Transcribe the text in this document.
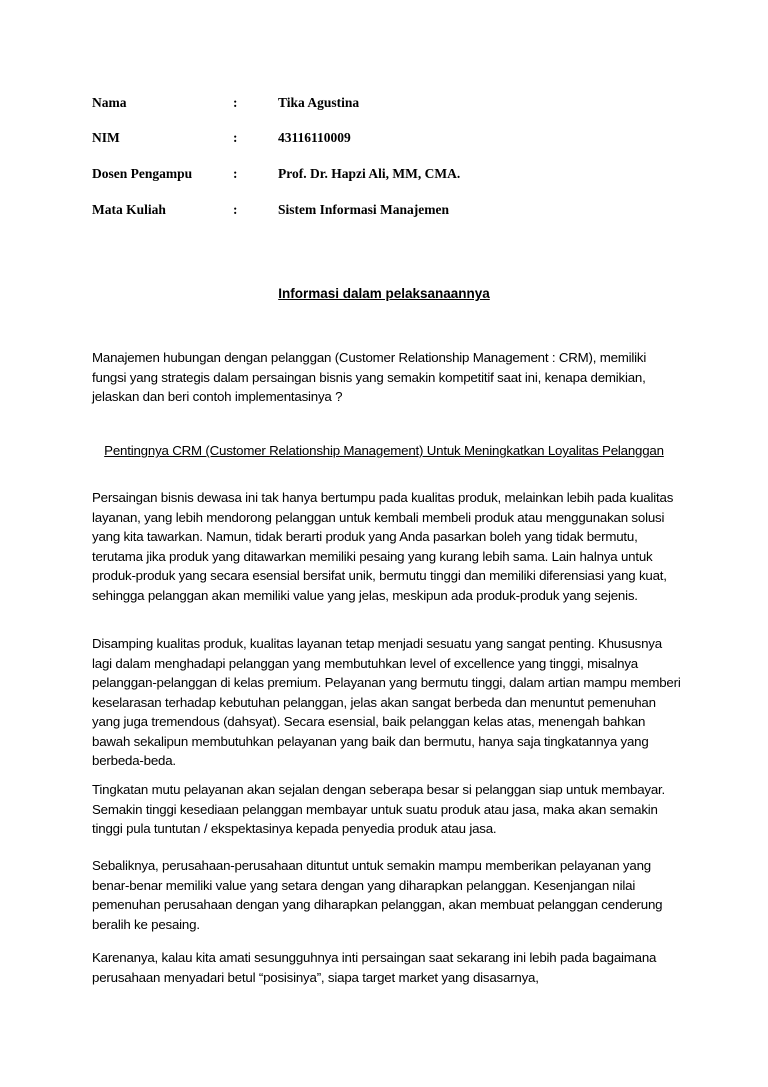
Nama	:	Tika Agustina
NIM	:	43116110009
Dosen Pengampu	:	Prof. Dr. Hapzi Ali, MM, CMA.
Mata Kuliah	:	Sistem Informasi Manajemen
Informasi dalam pelaksanaannya
Manajemen hubungan dengan pelanggan (Customer Relationship Management : CRM), memiliki fungsi yang strategis dalam persaingan bisnis yang semakin kompetitif saat ini, kenapa demikian, jelaskan dan beri contoh implementasinya ?
Pentingnya CRM (Customer Relationship Management) Untuk Meningkatkan Loyalitas Pelanggan
Persaingan bisnis dewasa ini tak hanya bertumpu pada kualitas produk, melainkan lebih pada kualitas layanan, yang lebih mendorong pelanggan untuk kembali membeli produk atau menggunakan solusi yang kita tawarkan. Namun, tidak berarti produk yang Anda pasarkan boleh yang tidak bermutu, terutama jika produk yang ditawarkan memiliki pesaing yang kurang lebih sama. Lain halnya untuk produk-produk yang secara esensial bersifat unik, bermutu tinggi dan memiliki diferensiasi yang kuat, sehingga pelanggan akan memiliki value yang jelas, meskipun ada produk-produk yang sejenis.
Disamping kualitas produk, kualitas layanan tetap menjadi sesuatu yang sangat penting. Khususnya lagi dalam menghadapi pelanggan yang membutuhkan level of excellence yang tinggi, misalnya pelanggan-pelanggan di kelas premium. Pelayanan yang bermutu tinggi, dalam artian mampu memberi keselarasan terhadap kebutuhan pelanggan, jelas akan sangat berbeda dan menuntut pemenuhan yang juga tremendous (dahsyat). Secara esensial, baik pelanggan kelas atas, menengah bahkan bawah sekalipun membutuhkan pelayanan yang baik dan bermutu, hanya saja tingkatannya yang berbeda-beda.
Tingkatan mutu pelayanan akan sejalan dengan seberapa besar si pelanggan siap untuk membayar. Semakin tinggi kesediaan pelanggan membayar untuk suatu produk atau jasa, maka akan semakin tinggi pula tuntutan / ekspektasinya kepada penyedia produk atau jasa.
Sebaliknya, perusahaan-perusahaan dituntut untuk semakin mampu memberikan pelayanan yang benar-benar memiliki value yang setara dengan yang diharapkan pelanggan. Kesenjangan nilai pemenuhan perusahaan dengan yang diharapkan pelanggan, akan membuat pelanggan cenderung beralih ke pesaing.
Karenanya, kalau kita amati sesungguhnya inti persaingan saat sekarang ini lebih pada bagaimana perusahaan menyadari betul “posisinya”, siapa target market yang disasarnya,
